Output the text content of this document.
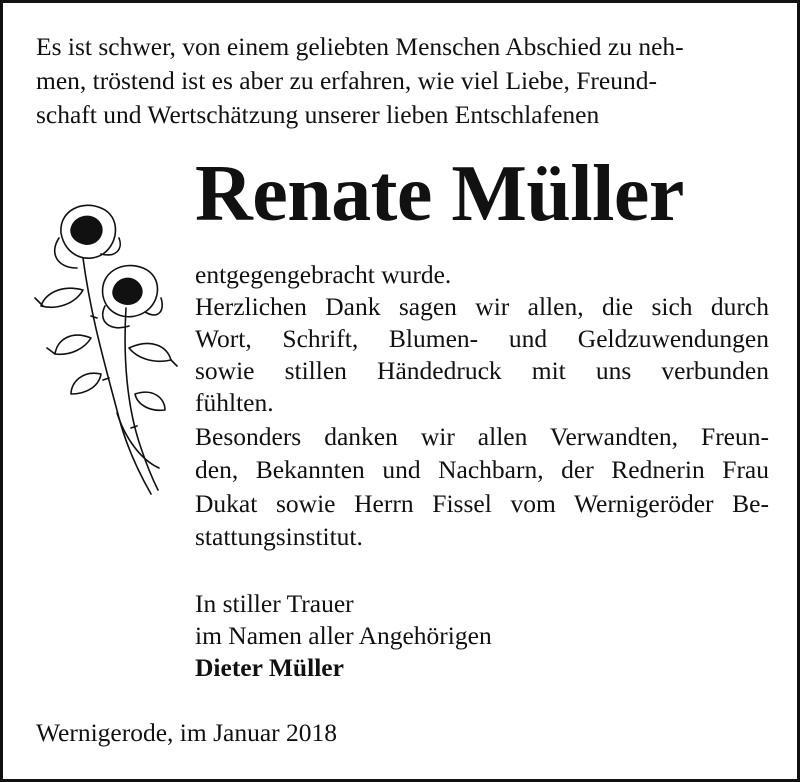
Es ist schwer, von einem geliebten Menschen Abschied zu neh-
men, tröstend ist es aber zu erfahren, wie viel Liebe, Freund-
schaft und Wertschätzung unserer lieben Entschlafenen
Renate Müller
entgegengebracht wurde.
Herzlichen Dank sagen wir allen, die sich durch
Wort, Schrift, Blumen- und Geldzuwendungen
sowie stillen Händedruck mit uns verbunden
fühlten.
Besonders danken wir allen Verwandten, Freun-
den, Bekannten und Nachbarn, der Rednerin Frau
Dukat sowie Herrn Fissel vom Wernigeröder Be-
stattungsinstitut.
In stiller Trauer
im Namen aller Angehörigen
Dieter Müller
Wernigerode, im Januar 2018
